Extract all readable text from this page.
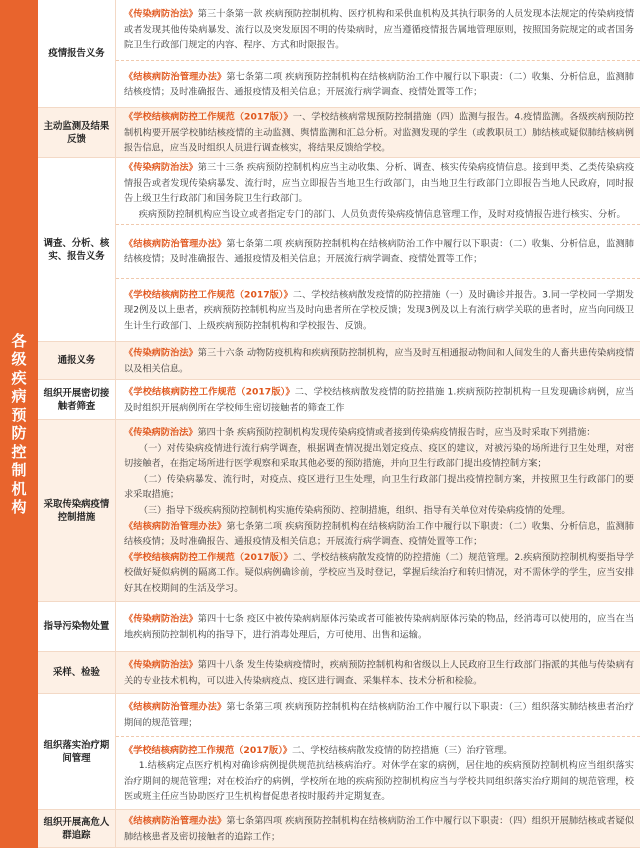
各级疾病预防控制机构
疫情报告义务

《传染病防治法》第三十条第一款 疾病预防控制机构、医疗机构和采供血机构及其执行职务的人员发现本法规定的传染病疫情或者发现其他传染病暴发、流行以及突发原因不明的传染病时，应当遵循疫情报告属地管理原则，按照国务院规定的或者国务院卫生行政部门规定的内容、程序、方式和时限报告。

《结核病防治管理办法》第七条第二项 疾病预防控制机构在结核病防治工作中履行以下职责：（二）收集、分析信息，监测肺结核疫情；及时准确报告、通报疫情及相关信息；开展流行病学调查、疫情处置等工作；

主动监测及结果反馈

《学校结核病防控工作规范（2017版）》一、学校结核病常规预防控制措施（四）监测与报告。4.疫情监测。各级疾病预防控制机构要开展学校肺结核疫情的主动监测、舆情监测和汇总分析。对监测发现的学生（或教职员工）肺结核或疑似肺结核病例报告信息，应当及时组织人员进行调查核实，将结果反馈给学校。

调查、分析、核实、报告义务

《传染病防治法》第三十三条 疾病预防控制机构应当主动收集、分析、调查、核实传染病疫情信息。接到甲类、乙类传染病疫情报告或者发现传染病暴发、流行时，应当立即报告当地卫生行政部门，由当地卫生行政部门立即报告当地人民政府，同时报告上级卫生行政部门和国务院卫生行政部门。

疾病预防控制机构应当设立或者指定专门的部门、人员负责传染病疫情信息管理工作，及时对疫情报告进行核实、分析。

《结核病防治管理办法》第七条第二项 疾病预防控制机构在结核病防治工作中履行以下职责：（二）收集、分析信息，监测肺结核疫情；及时准确报告、通报疫情及相关信息；开展流行病学调查、疫情处置等工作；

《学校结核病防控工作规范（2017版）》二、学校结核病散发疫情的防控措施（一）及时确诊并报告。3.同一学校同一学期发现2例及以上患者，疾病预防控制机构应当及时向患者所在学校反馈；发现3例及以上有流行病学关联的患者时，应当向同级卫生计生行政部门、上级疾病预防控制机构和学校报告、反馈。

通报义务

《传染病防治法》第三十六条 动物防疫机构和疾病预防控制机构，应当及时互相通报动物间和人间发生的人畜共患传染病疫情以及相关信息。

组织开展密切接触者筛查

《学校结核病防控工作规范（2017版）》二、学校结核病散发疫情的防控措施 1.疾病预防控制机构一旦发现确诊病例，应当及时组织开展病例所在学校师生密切接触者的筛查工作

采取传染病疫情控制措施

《传染病防治法》第四十条 疾病预防控制机构发现传染病疫情或者接到传染病疫情报告时，应当及时采取下列措施：

（一）对传染病疫情进行流行病学调查，根据调查情况提出划定疫点、疫区的建议，对被污染的场所进行卫生处理，对密切接触者，在指定场所进行医学观察和采取其他必要的预防措施，并向卫生行政部门提出疫情控制方案；

（二）传染病暴发、流行时，对疫点、疫区进行卫生处理，向卫生行政部门提出疫情控制方案，并按照卫生行政部门的要求采取措施；

（三）指导下级疾病预防控制机构实施传染病预防、控制措施，组织、指导有关单位对传染病疫情的处理。

《结核病防治管理办法》第七条第二项 疾病预防控制机构在结核病防治工作中履行以下职责：（二）收集、分析信息，监测肺结核疫情；及时准确报告、通报疫情及相关信息；开展流行病学调查、疫情处置等工作；

《学校结核病防控工作规范（2017版）》二、学校结核病散发疫情的防控措施（二）规范管理。2.疾病预防控制机构要指导学校做好疑似病例的隔离工作。疑似病例确诊前，学校应当及时登记，掌握后续治疗和转归情况，对不需休学的学生，应当安排好其在校期间的生活及学习。

指导污染物处置

《传染病防治法》第四十七条 疫区中被传染病病原体污染或者可能被传染病病原体污染的物品，经消毒可以使用的，应当在当地疾病预防控制机构的指导下，进行消毒处理后，方可使用、出售和运输。

采样、检验

《传染病防治法》第四十八条 发生传染病疫情时，疾病预防控制机构和省级以上人民政府卫生行政部门指派的其他与传染病有关的专业技术机构，可以进入传染病疫点、疫区进行调查、采集样本、技术分析和检验。

组织落实治疗期间管理

《结核病防治管理办法》第七条第三项 疾病预防控制机构在结核病防治工作中履行以下职责：（三）组织落实肺结核患者治疗期间的规范管理；

《学校结核病防控工作规范（2017版）》二、学校结核病散发疫情的防控措施（三）治疗管理。

1.结核病定点医疗机构对确诊病例提供规范抗结核病治疗。对休学在家的病例，居住地的疾病预防控制机构应当组织落实治疗期间的规范管理；对在校治疗的病例，学校所在地的疾病预防控制机构应当与学校共同组织落实治疗期间的规范管理，校医或班主任应当协助医疗卫生机构督促患者按时服药并定期复查。

组织开展高危人群追踪

《结核病防治管理办法》第七条第四项 疾病预防控制机构在结核病防治工作中履行以下职责：（四）组织开展肺结核或者疑似肺结核患者及密切接触者的追踪工作；
